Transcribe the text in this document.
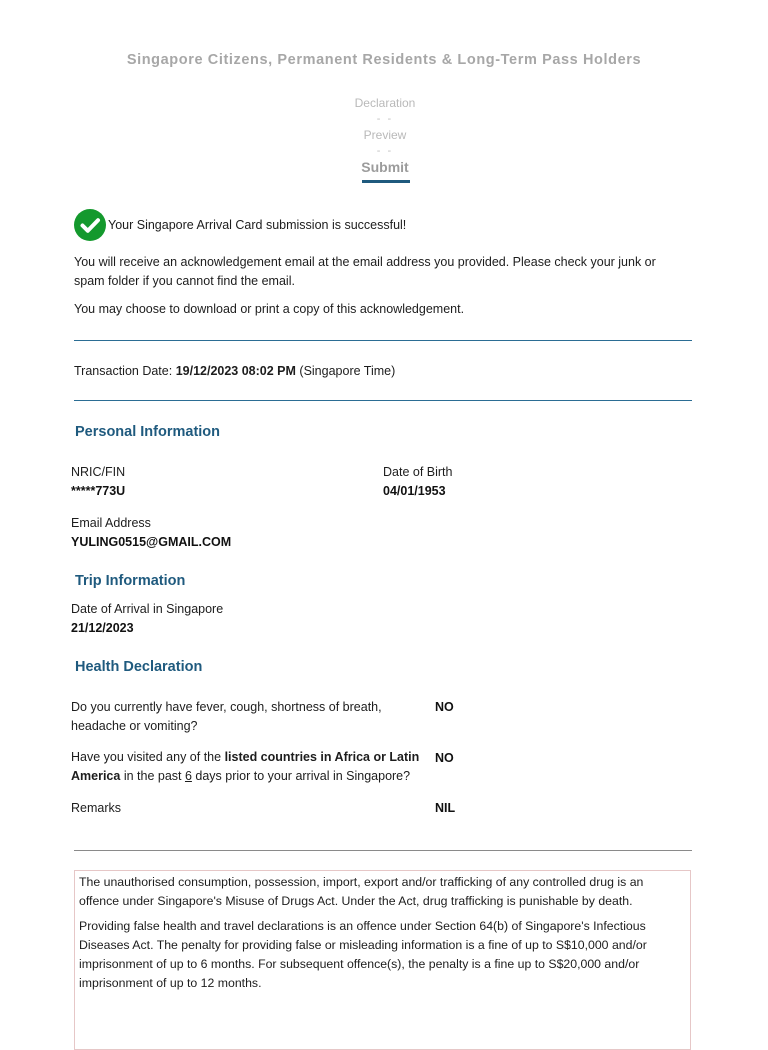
Singapore Citizens, Permanent Residents & Long-Term Pass Holders
Declaration
- -
Preview
- -
Submit
Your Singapore Arrival Card submission is successful!
You will receive an acknowledgement email at the email address you provided. Please check your junk or spam folder if you cannot find the email.
You may choose to download or print a copy of this acknowledgement.
Transaction Date: 19/12/2023 08:02 PM (Singapore Time)
Personal Information
NRIC/FIN
*****773U
Date of Birth
04/01/1953
Email Address
YULING0515@GMAIL.COM
Trip Information
Date of Arrival in Singapore
21/12/2023
Health Declaration
Do you currently have fever, cough, shortness of breath, headache or vomiting?
NO
Have you visited any of the listed countries in Africa or Latin America in the past 6 days prior to your arrival in Singapore?
NO
Remarks	NIL

The unauthorised consumption, possession, import, export and/or trafficking of any controlled drug is an offence under Singapore's Misuse of Drugs Act. Under the Act, drug trafficking is punishable by death.

Providing false health and travel declarations is an offence under Section 64(b) of Singapore's Infectious Diseases Act. The penalty for providing false or misleading information is a fine of up to S$10,000 and/or imprisonment of up to 6 months. For subsequent offence(s), the penalty is a fine up to S$20,000 and/or imprisonment of up to 12 months.
